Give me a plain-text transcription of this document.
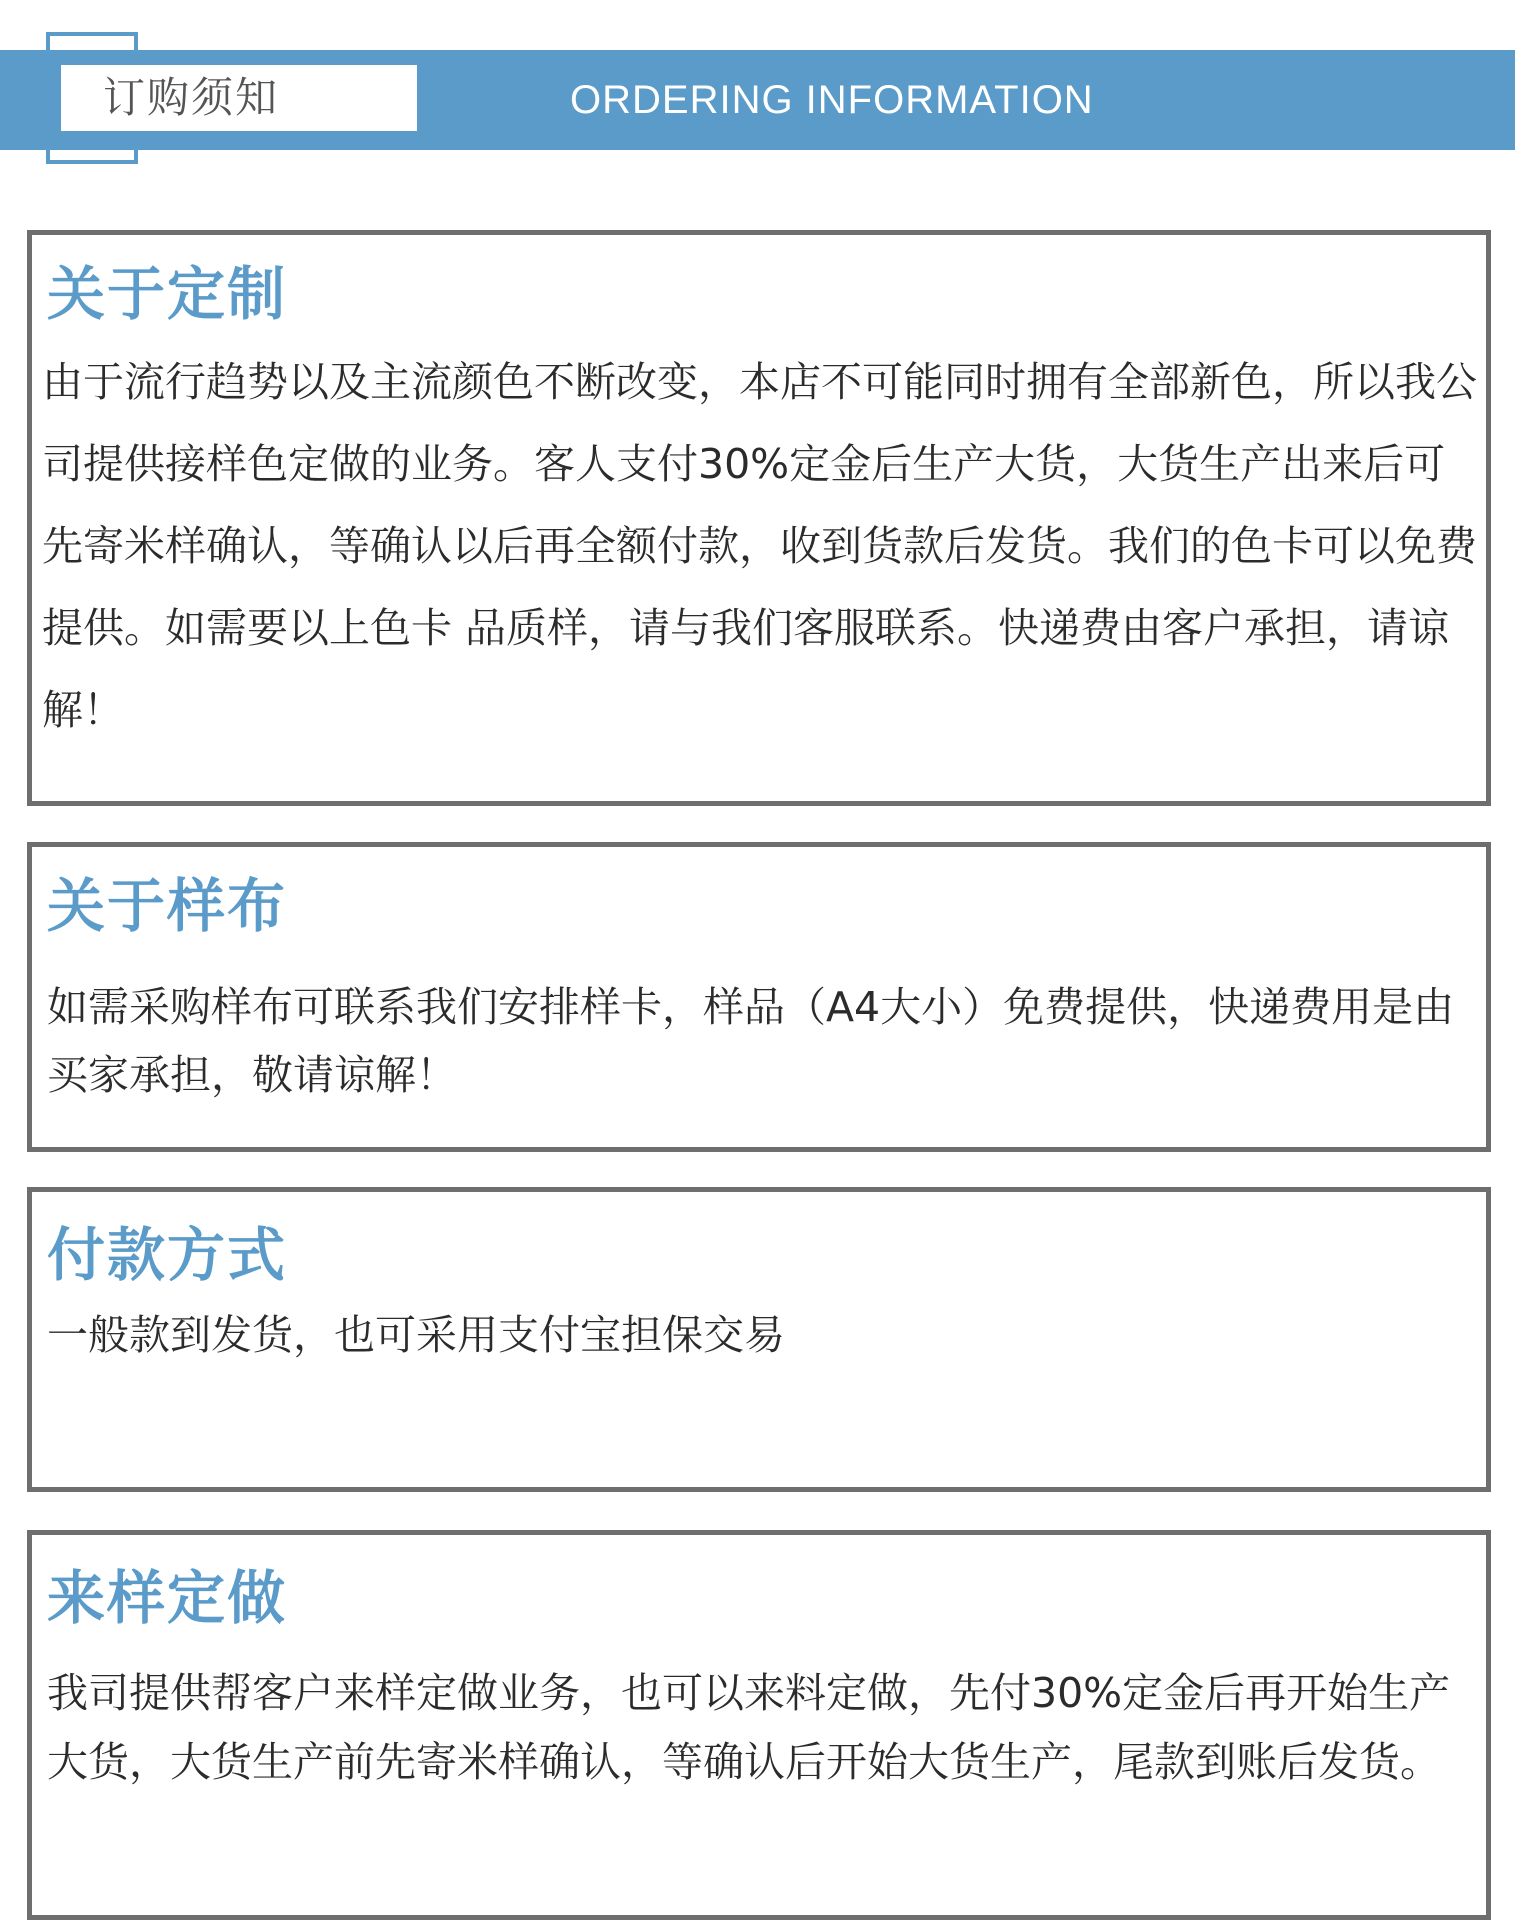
订购须知	ORDERING INFORMATION
关于定制

由于流行趋势以及主流颜色不断改变，本店不可能同时拥有全部新色，所以我公司提供接样色定做的业务。客人支付30%定金后生产大货，大货生产出来后可先寄米样确认，等确认以后再全额付款，收到货款后发货。我们的色卡可以免费提供。如需要以上色卡 品质样，请与我们客服联系。快递费由客户承担，请谅解！

关于样布

如需采购样布可联系我们安排样卡，样品（A4大小）免费提供，快递费用是由买家承担，敬请谅解！

付款方式

一般款到发货，也可采用支付宝担保交易

来样定做

我司提供帮客户来样定做业务，也可以来料定做，先付30%定金后再开始生产大货，大货生产前先寄米样确认，等确认后开始大货生产，尾款到账后发货。
